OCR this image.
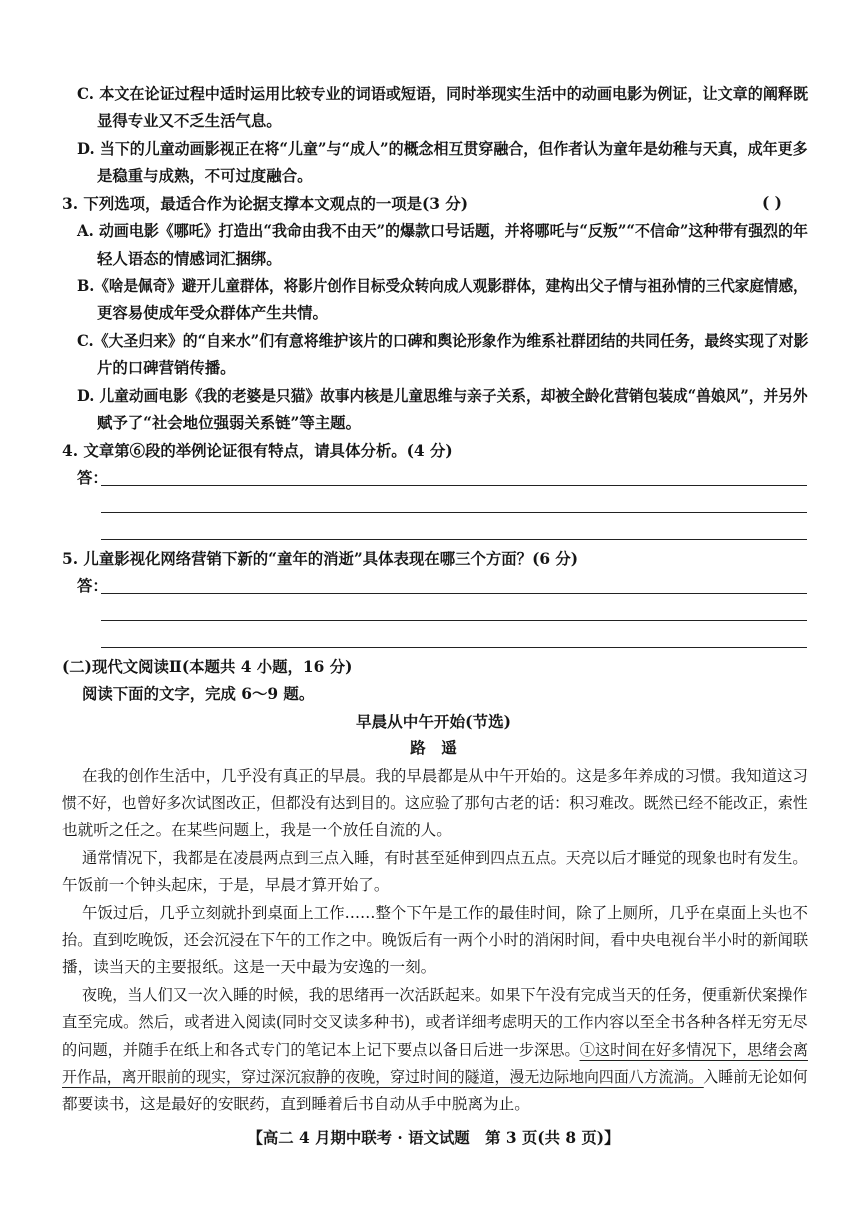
C. 本文在论证过程中适时运用比较专业的词语或短语，同时举现实生活中的动画电影为例证，让文章的阐释既
显得专业又不乏生活气息。
D. 当下的儿童动画影视正在将“儿童”与“成人”的概念相互贯穿融合，但作者认为童年是幼稚与天真，成年更多
是稳重与成熟，不可过度融合。
3. 下列选项，最适合作为论据支撑本文观点的一项是(3 分)	( )
A. 动画电影《哪吒》打造出“我命由我不由天”的爆款口号话题，并将哪吒与“反叛”“不信命”这种带有强烈的年
轻人语态的情感词汇捆绑。
B.《啥是佩奇》避开儿童群体，将影片创作目标受众转向成人观影群体，建构出父子情与祖孙情的三代家庭情感，
更容易使成年受众群体产生共情。
C.《大圣归来》的“自来水”们有意将维护该片的口碑和舆论形象作为维系社群团结的共同任务，最终实现了对影
片的口碑营销传播。
D. 儿童动画电影《我的老婆是只猫》故事内核是儿童思维与亲子关系，却被全龄化营销包装成“兽娘风”，并另外
赋予了“社会地位强弱关系链”等主题。
4. 文章第⑥段的举例论证很有特点，请具体分析。(4 分)
答：
5. 儿童影视化网络营销下新的“童年的消逝”具体表现在哪三个方面？(6 分)
答：
(二)现代文阅读Ⅱ(本题共 4 小题，16 分)
阅读下面的文字，完成 6～9 题。
早晨从中午开始(节选)
路　遥
在我的创作生活中，几乎没有真正的早晨。我的早晨都是从中午开始的。这是多年养成的习惯。我知道这习
惯不好，也曾好多次试图改正，但都没有达到目的。这应验了那句古老的话：积习难改。既然已经不能改正，索性
也就听之任之。在某些问题上，我是一个放任自流的人。
通常情况下，我都是在凌晨两点到三点入睡，有时甚至延伸到四点五点。天亮以后才睡觉的现象也时有发生。
午饭前一个钟头起床，于是，早晨才算开始了。
午饭过后，几乎立刻就扑到桌面上工作……整个下午是工作的最佳时间，除了上厕所，几乎在桌面上头也不
抬。直到吃晚饭，还会沉浸在下午的工作之中。晚饭后有一两个小时的消闲时间，看中央电视台半小时的新闻联
播，读当天的主要报纸。这是一天中最为安逸的一刻。
夜晚，当人们又一次入睡的时候，我的思绪再一次活跃起来。如果下午没有完成当天的任务，便重新伏案操作
直至完成。然后，或者进入阅读(同时交叉读多种书)，或者详细考虑明天的工作内容以至全书各种各样无穷无尽
的问题，并随手在纸上和各式专门的笔记本上记下要点以备日后进一步深思。①这时间在好多情况下，思绪会离
开作品，离开眼前的现实，穿过深沉寂静的夜晚，穿过时间的隧道，漫无边际地向四面八方流淌。入睡前无论如何
都要读书，这是最好的安眠药，直到睡着后书自动从手中脱离为止。
【高二 4 月期中联考 · 语文试题　第 3 页(共 8 页)】
